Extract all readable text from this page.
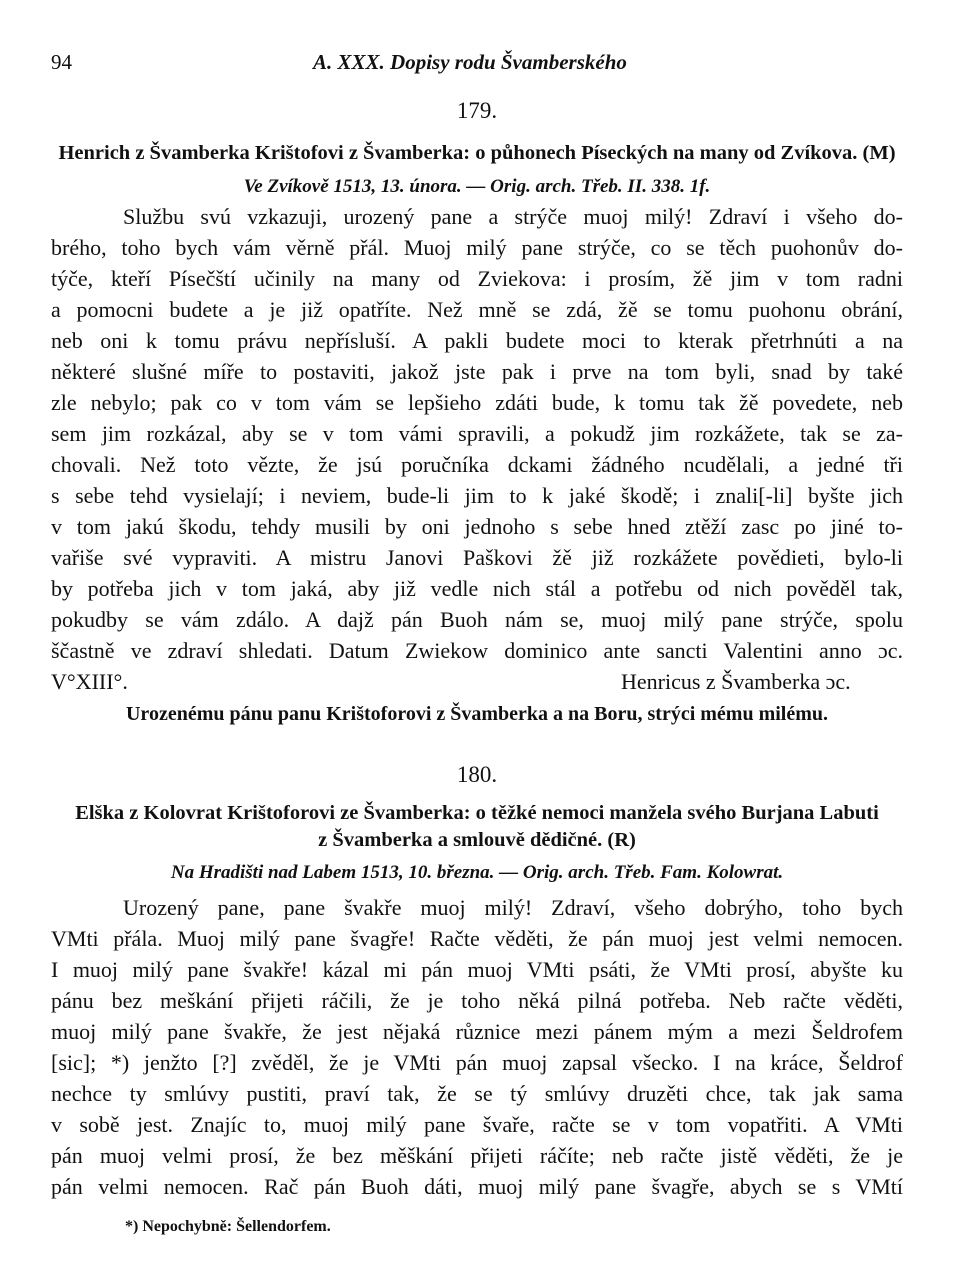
94	A. XXX. Dopisy rodu Švamberského
179.
Henrich z Švamberka Krištofovi z Švamberka: o půhonech Píseckých na many od Zvíkova. (M)
Ve Zvíkově 1513, 13. února. — Orig. arch. Třeb. II. 338. 1f.
Službu svú vzkazuji, urozený pane a strýče muoj milý! Zdraví i všeho do-
brého, toho bych vám věrně přál. Muoj milý pane strýče, co se těch puohonův do-
týče, kteří Písečští učinily na many od Zviekova: i prosím, žě jim v tom radni
a pomocni budete a je již opatříte. Než mně se zdá, žě se tomu puohonu obrání,
neb oni k tomu právu nepřísluší. A pakli budete moci to kterak přetrhnúti a na
některé slušné míře to postaviti, jakož jste pak i prve na tom byli, snad by také
zle nebylo; pak co v tom vám se lepšieho zdáti bude, k tomu tak žě povedete, neb
sem jim rozkázal, aby se v tom vámi spravili, a pokudž jim rozkážete, tak se za-
chovali. Než toto vězte, že jsú poručníka dckami žádného ncudělali, a jedné tři
s sebe tehd vysielají; i neviem, bude-li jim to k jaké škodě; i znali[-li] byšte jich
v tom jakú škodu, tehdy musili by oni jednoho s sebe hned ztěží zasc po jiné to-
vařiše své vypraviti. A mistru Janovi Paškovi žě již rozkážete povědieti, bylo-li
by potřeba jich v tom jaká, aby již vedle nich stál a potřebu od nich pověděl tak,
pokudby se vám zdálo. A dajž pán Buoh nám se, muoj milý pane strýče, spolu
ščastně ve zdraví shledati. Datum Zwiekow dominico ante sancti Valentini anno ɔc.
V°XIII°.	Henricus z Švamberka ɔc.
Urozenému pánu panu Krištoforovi z Švamberka a na Boru, strýci mému milému.
180.
Elška z Kolovrat Krištoforovi ze Švamberka: o těžké nemoci manžela svého Burjana Labuti
z Švamberka a smlouvě dědičné. (R)
Na Hradišti nad Labem 1513, 10. března. — Orig. arch. Třeb. Fam. Kolowrat.
Urozený pane, pane švakře muoj milý! Zdraví, všeho dobrýho, toho bych
VMti přála. Muoj milý pane švagře! Račte věděti, že pán muoj jest velmi nemocen.
I muoj milý pane švakře! kázal mi pán muoj VMti psáti, že VMti prosí, abyšte ku
pánu bez meškání přijeti ráčili, že je toho něká pilná potřeba. Neb račte věděti,
muoj milý pane švakře, že jest nějaká různice mezi pánem mým a mezi Šeldrofem
[sic]; *) jenžto [?] zvěděl, že je VMti pán muoj zapsal všecko. I na kráce, Šeldrof
nechce ty smlúvy pustiti, praví tak, že se tý smlúvy druzěti chce, tak jak sama
v sobě jest. Znajíc to, muoj milý pane švaře, račte se v tom vopatřiti. A VMti
pán muoj velmi prosí, že bez měškání přijeti ráčíte; neb račte jistě věděti, že je
pán velmi nemocen. Rač pán Buoh dáti, muoj milý pane švagře, abych se s VMtí
*) Nepochybně: Šellendorfem.
